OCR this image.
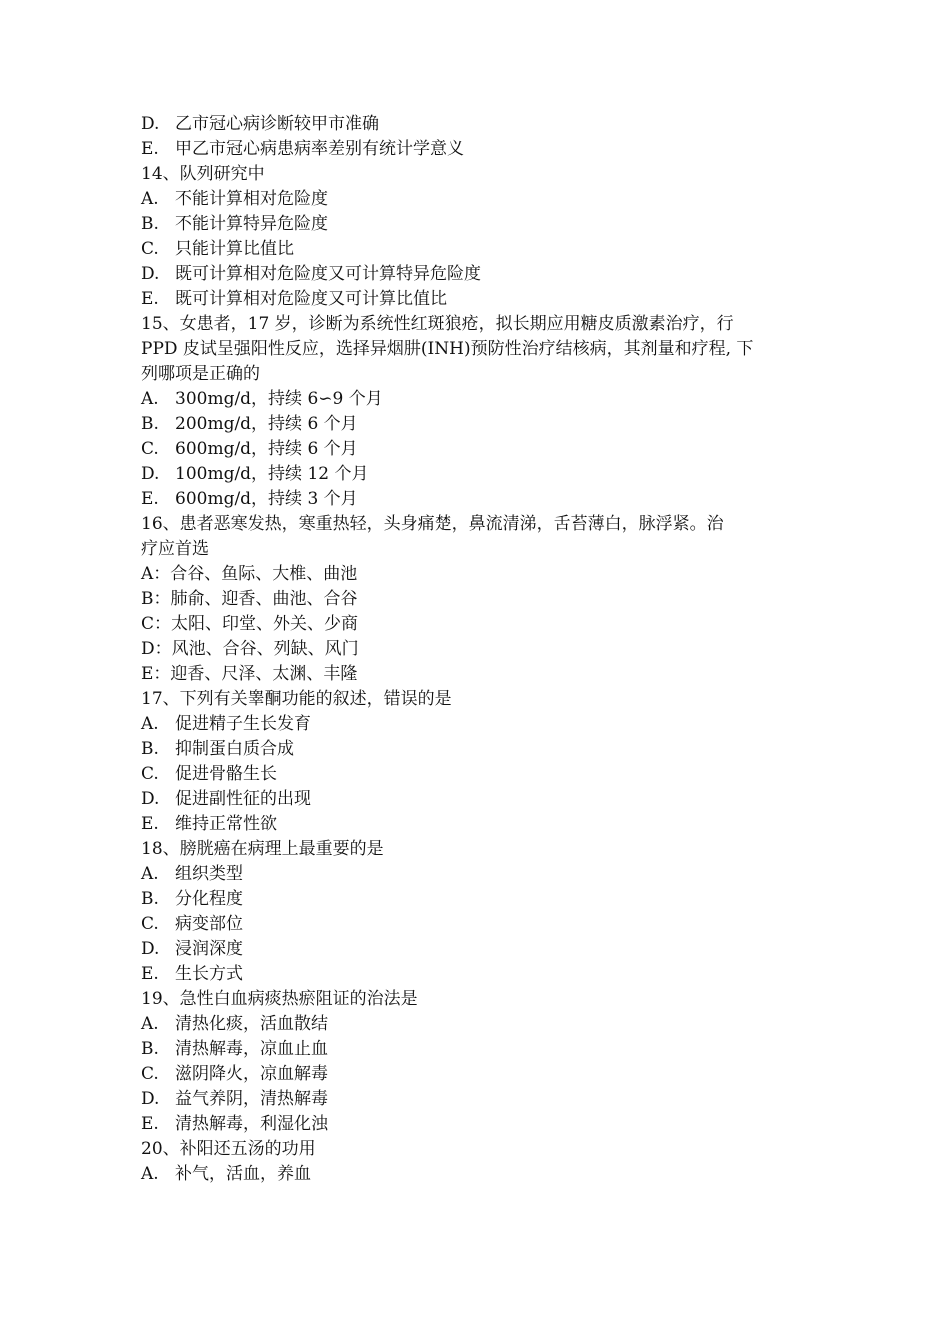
D. 乙市冠心病诊断较甲市准确
E. 甲乙市冠心病患病率差别有统计学意义
14、队列研究中
A. 不能计算相对危险度
B. 不能计算特异危险度
C. 只能计算比值比
D. 既可计算相对危险度又可计算特异危险度
E. 既可计算相对危险度又可计算比值比
15、女患者，17 岁，诊断为系统性红斑狼疮，拟长期应用糖皮质激素治疗，行
PPD 皮试呈强阳性反应，选择异烟肼(INH)预防性治疗结核病，其剂量和疗程, 下
列哪项是正确的
A. 300mg/d，持续 6∽9 个月
B. 200mg/d，持续 6 个月
C. 600mg/d，持续 6 个月
D. 100mg/d，持续 12 个月
E. 600mg/d，持续 3 个月
16、患者恶寒发热，寒重热轻，头身痛楚，鼻流清涕，舌苔薄白，脉浮紧。治
疗应首选
A： 合谷、鱼际、大椎、曲池
B： 肺俞、迎香、曲池、合谷
C： 太阳、印堂、外关、少商
D： 风池、合谷、列缺、风门
E： 迎香、尺泽、太渊、丰隆
17、下列有关睾酮功能的叙述，错误的是
A. 促进精子生长发育
B. 抑制蛋白质合成
C. 促进骨骼生长
D. 促进副性征的出现
E. 维持正常性欲
18、膀胱癌在病理上最重要的是
A. 组织类型
B. 分化程度
C. 病变部位
D. 浸润深度
E. 生长方式
19、急性白血病痰热瘀阻证的治法是
A. 清热化痰，活血散结
B. 清热解毒，凉血止血
C. 滋阴降火，凉血解毒
D. 益气养阴，清热解毒
E. 清热解毒，利湿化浊
20、补阳还五汤的功用
A. 补气，活血，养血
